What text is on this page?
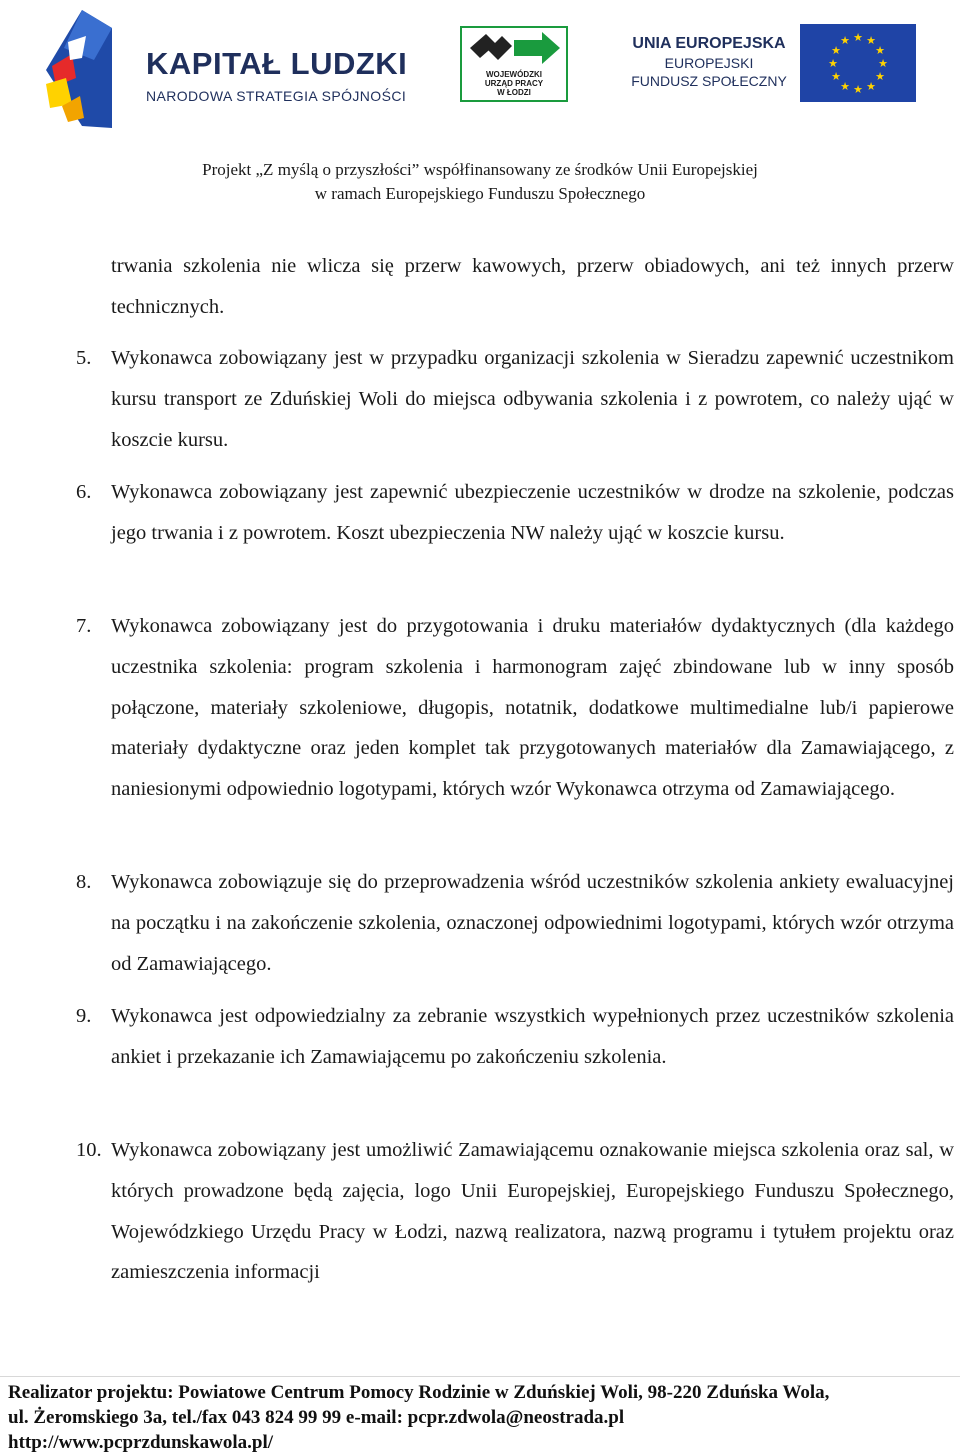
KAPITAŁ LUDZKI
NARODOWA STRATEGIA SPÓJNOŚCI
WOJEWÓDZKI
URZĄD PRACY
W ŁODZI
UNIA EUROPEJSKA
EUROPEJSKI
FUNDUSZ SPOŁECZNY
★ ★
★
★
★
★
★
★
★
★
★
★
Projekt „Z myślą o przyszłości” współfinansowany ze środków Unii Europejskiej
w ramach Europejskiego Funduszu Społecznego
trwania szkolenia nie wlicza się przerw kawowych, przerw obiadowych, ani też innych przerw technicznych.
5. Wykonawca zobowiązany jest w przypadku organizacji szkolenia w Sieradzu zapewnić uczestnikom kursu transport ze Zduńskiej Woli do miejsca odbywania szkolenia i z powrotem, co należy ująć w koszcie kursu.
6. Wykonawca zobowiązany jest zapewnić ubezpieczenie uczestników w drodze na szkolenie, podczas jego trwania i z powrotem. Koszt ubezpieczenia NW należy ująć w koszcie kursu.
7. Wykonawca zobowiązany jest do przygotowania i druku materiałów dydaktycznych (dla każdego uczestnika szkolenia: program szkolenia i harmonogram zajęć zbindowane lub w inny sposób połączone, materiały szkoleniowe, długopis, notatnik, dodatkowe multimedialne lub/i papierowe materiały dydaktyczne oraz jeden komplet tak przygotowanych materiałów dla Zamawiającego, z naniesionymi odpowiednio logotypami, których wzór Wykonawca otrzyma od Zamawiającego.
8. Wykonawca zobowiązuje się do przeprowadzenia wśród uczestników szkolenia ankiety ewaluacyjnej na początku i na zakończenie szkolenia, oznaczonej odpowiednimi logotypami, których wzór otrzyma od Zamawiającego.
9. Wykonawca jest odpowiedzialny za zebranie wszystkich wypełnionych przez uczestników szkolenia ankiet i przekazanie ich Zamawiającemu po zakończeniu szkolenia.
10. Wykonawca zobowiązany jest umożliwić Zamawiającemu oznakowanie miejsca szkolenia oraz sal, w których prowadzone będą zajęcia, logo Unii Europejskiej, Europejskiego Funduszu Społecznego, Wojewódzkiego Urzędu Pracy w Łodzi, nazwą realizatora, nazwą programu i tytułem projektu oraz zamieszczenia informacji
Realizator projektu: Powiatowe Centrum Pomocy Rodzinie w Zduńskiej Woli, 98-220 Zduńska Wola,
ul. Żeromskiego 3a, tel./fax 043 824 99 99 e-mail: pcpr.zdwola@neostrada.pl
http://www.pcprzdunskawola.pl/
